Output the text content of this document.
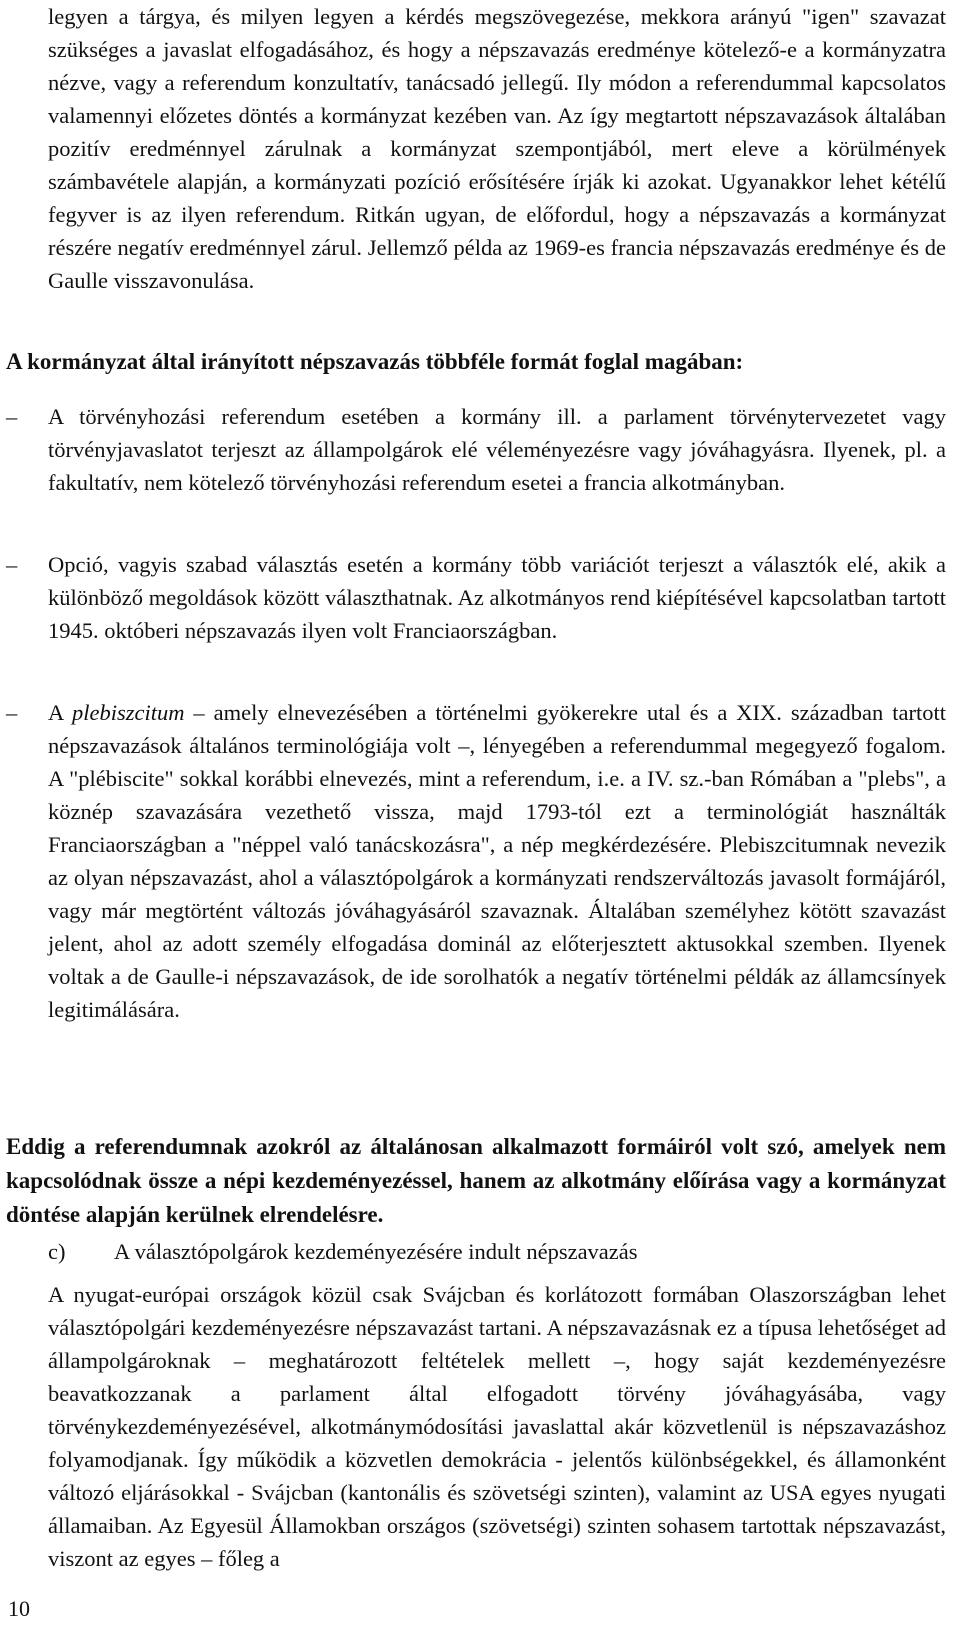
legyen a tárgya, és milyen legyen a kérdés megszövegezése, mekkora arányú "igen" szavazat szükséges a javaslat elfogadásához, és hogy a népszavazás eredménye kötelező-e a kormányzatra nézve, vagy a referendum konzultatív, tanácsadó jellegű. Ily módon a referendummal kapcsolatos valamennyi előzetes döntés a kormányzat kezében van. Az így megtartott népszavazások általában pozitív eredménnyel zárulnak a kormányzat szempontjából, mert eleve a körülmények számbavétele alapján, a kormányzati pozíció erősítésére írják ki azokat. Ugyanakkor lehet kétélű fegyver is az ilyen referendum. Ritkán ugyan, de előfordul, hogy a népszavazás a kormányzat részére negatív eredménnyel zárul. Jellemző példa az 1969-es francia népszavazás eredménye és de Gaulle visszavonulása.

A kormányzat által irányított népszavazás többféle formát foglal magában:

–	A törvényhozási referendum esetében a kormány ill. a parlament törvénytervezetet vagy törvényjavaslatot terjeszt az állampolgárok elé véleményezésre vagy jóváhagyásra. Ilyenek, pl. a fakultatív, nem kötelező törvényhozási referendum esetei a francia alkotmányban.

–	Opció, vagyis szabad választás esetén a kormány több variációt terjeszt a választók elé, akik a különböző megoldások között választhatnak. Az alkotmányos rend kiépítésével kapcsolatban tartott 1945. októberi népszavazás ilyen volt Franciaországban.

–	A plebiszcitum – amely elnevezésében a történelmi gyökerekre utal és a XIX. században tartott népszavazások általános terminológiája volt –, lényegében a referendummal megegyező fogalom. A "plébiscite" sokkal korábbi elnevezés, mint a referendum, i.e. a IV. sz.-ban Rómában a "plebs", a köznép szavazására vezethető vissza, majd 1793-tól ezt a terminológiát használták Franciaországban a "néppel való tanácskozásra", a nép megkérdezésére. Plebiszcitumnak nevezik az olyan népszavazást, ahol a választópolgárok a kormányzati rendszerváltozás javasolt formájáról, vagy már megtörtént változás jóváhagyásáról szavaznak. Általában személyhez kötött szavazást jelent, ahol az adott személy elfogadása dominál az előterjesztett aktusokkal szemben. Ilyenek voltak a de Gaulle-i népszavazások, de ide sorolhatók a negatív történelmi példák az államcsínyek legitimálására.

Eddig a referendumnak azokról az általánosan alkalmazott formáiról volt szó, amelyek nem kapcsolódnak össze a népi kezdeményezéssel, hanem az alkotmány előírása vagy a kormányzat döntése alapján kerülnek elrendelésre.

c) A választópolgárok kezdeményezésére indult népszavazás

A nyugat-európai országok közül csak Svájcban és korlátozott formában Olaszországban lehet választópolgári kezdeményezésre népszavazást tartani. A népszavazásnak ez a típusa lehetőséget ad állampolgároknak – meghatározott feltételek mellett –, hogy saját kezdeményezésre beavatkozzanak a parlament által elfogadott törvény jóváhagyásába, vagy törvénykezdeményezésével, alkotmánymódosítási javaslattal akár közvetlenül is népszavazáshoz folyamodjanak. Így működik a közvetlen demokrácia - jelentős különbségekkel, és államonként változó eljárásokkal - Svájcban (kantonális és szövetségi szinten), valamint az USA egyes nyugati államaiban. Az Egyesül Államokban országos (szövetségi) szinten sohasem tartottak népszavazást, viszont az egyes – főleg a

10
